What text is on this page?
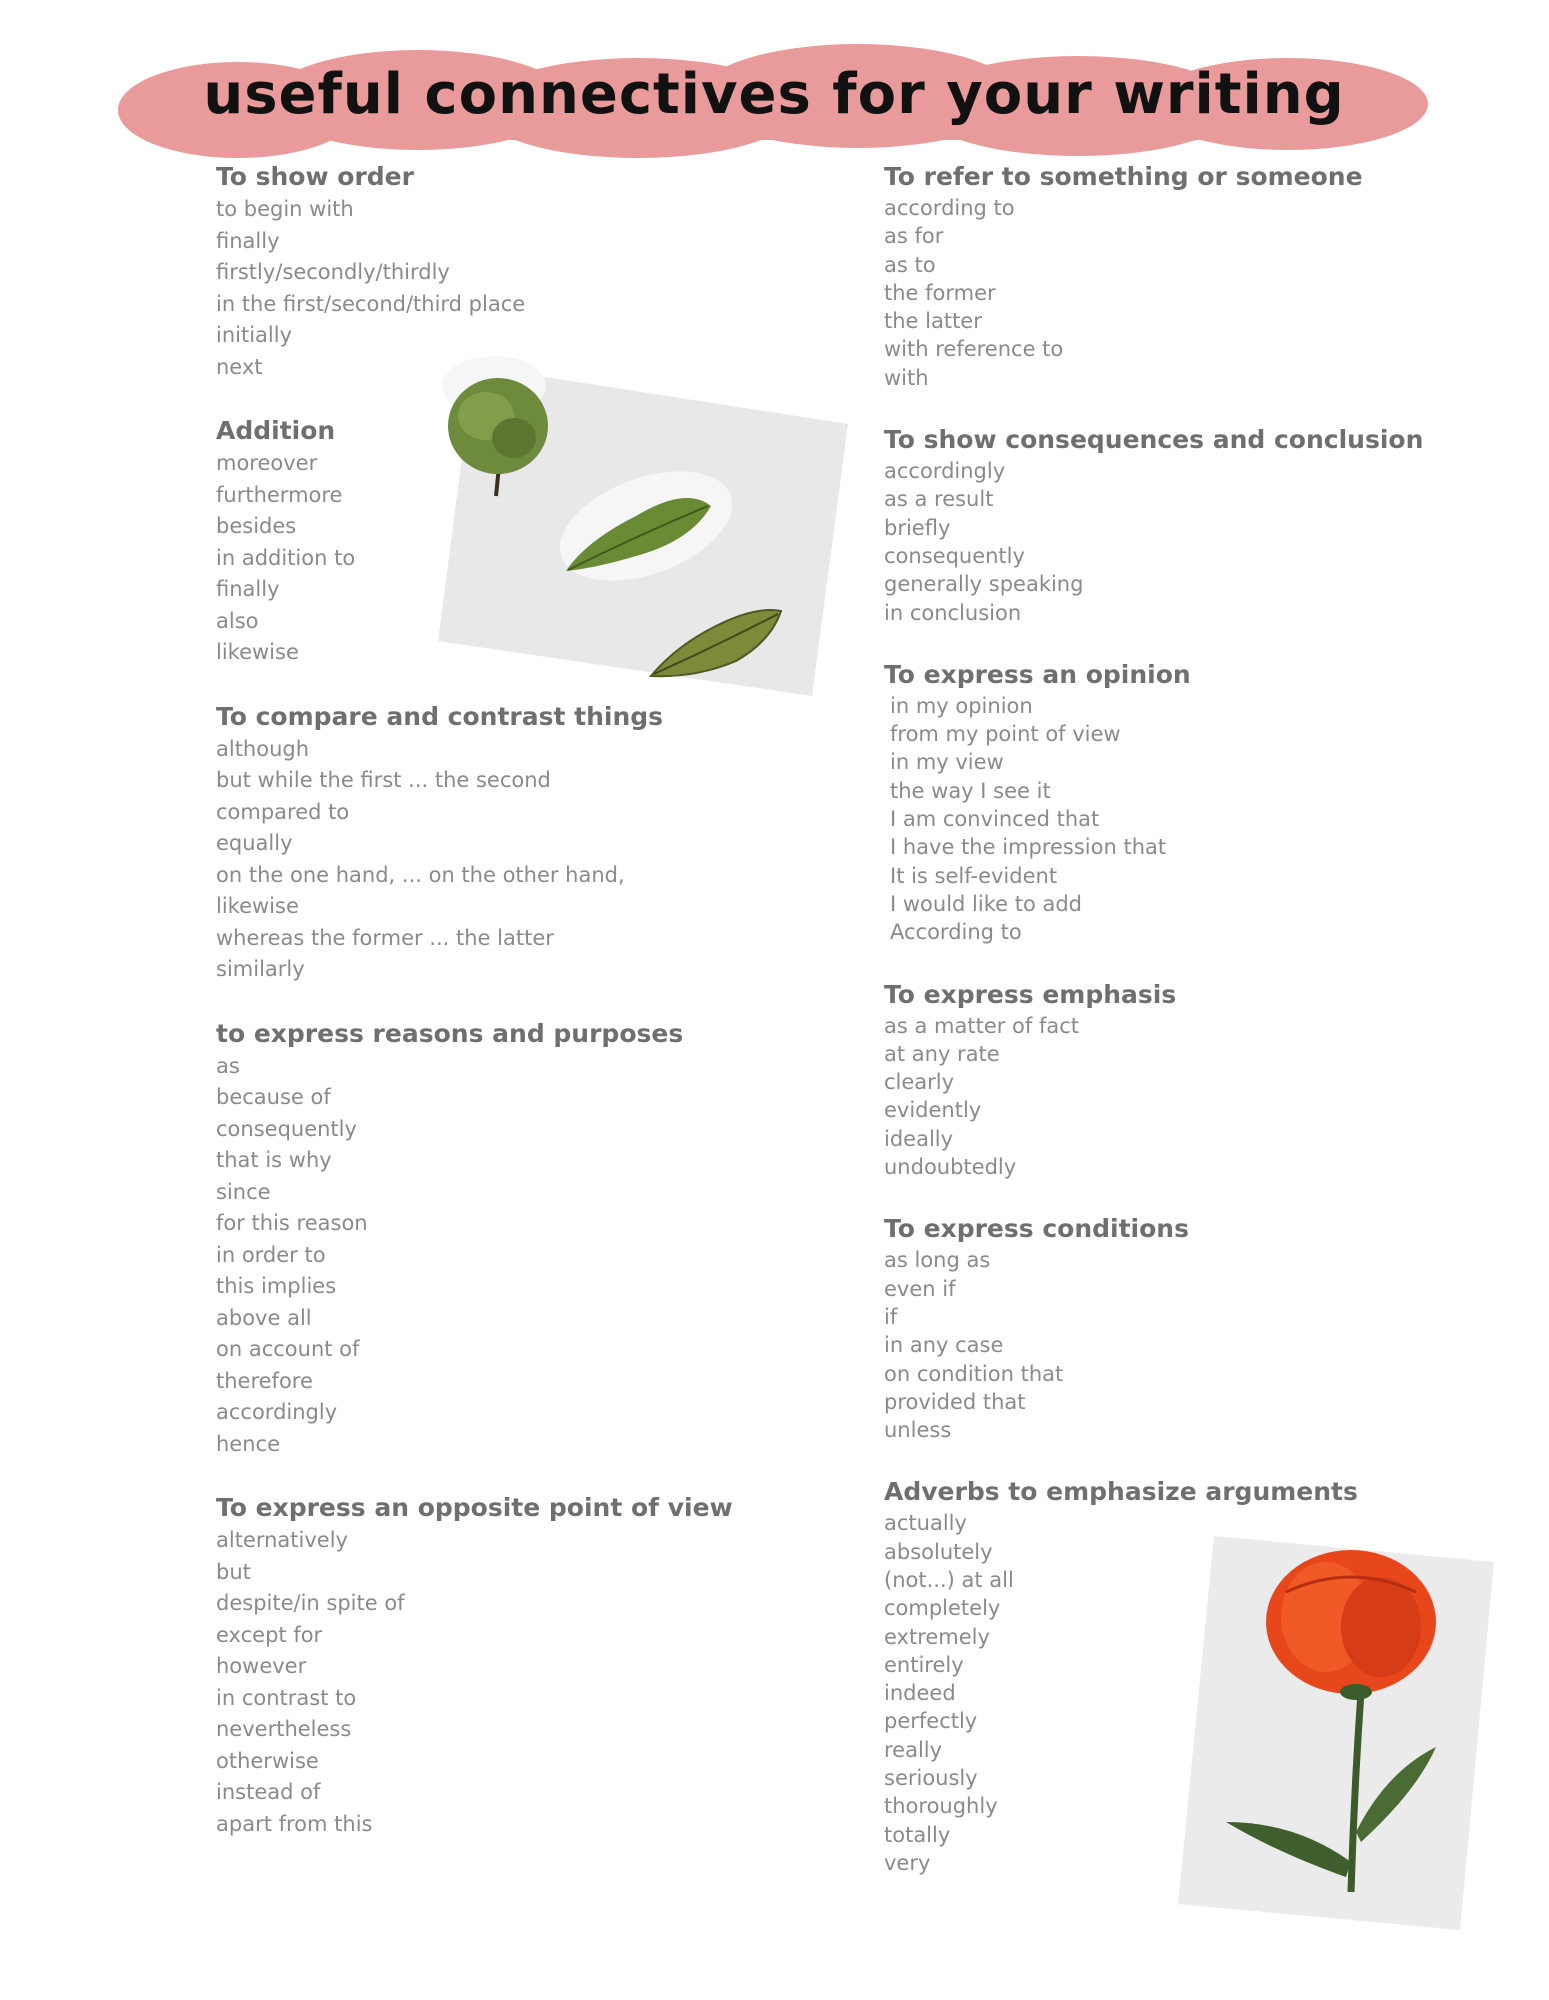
useful connectives for your writing
To show order
to begin with
finally
firstly/secondly/thirdly
in the first/second/third place
initially
next
Addition
moreover
furthermore
besides
in addition to
finally
also
likewise
To compare and contrast things
although
but while the first ... the second
compared to
equally
on the one hand, ... on the other hand,
likewise
whereas the former ... the latter
similarly
to express reasons and purposes
as
because of
consequently
that is why
since
for this reason
in order to
this implies
above all
on account of
therefore
accordingly
hence
To express an opposite point of view
alternatively
but
despite/in spite of
except for
however
in contrast to
nevertheless
otherwise
instead of
apart from this
To refer to something or someone
according to
as for
as to
the former
the latter
with reference to
with
To show consequences and conclusion
accordingly
as a result
briefly
consequently
generally speaking
in conclusion
To express an opinion
in my opinion
from my point of view
in my view
the way I see it
I am convinced that
I have the impression that
It is self-evident
I would like to add
According to
To express emphasis
as a matter of fact
at any rate
clearly
evidently
ideally
undoubtedly
To express conditions
as long as
even if
if
in any case
on condition that
provided that
unless
Adverbs to emphasize arguments
actually
absolutely
(not...) at all
completely
extremely
entirely
indeed
perfectly
really
seriously
thoroughly
totally
very
